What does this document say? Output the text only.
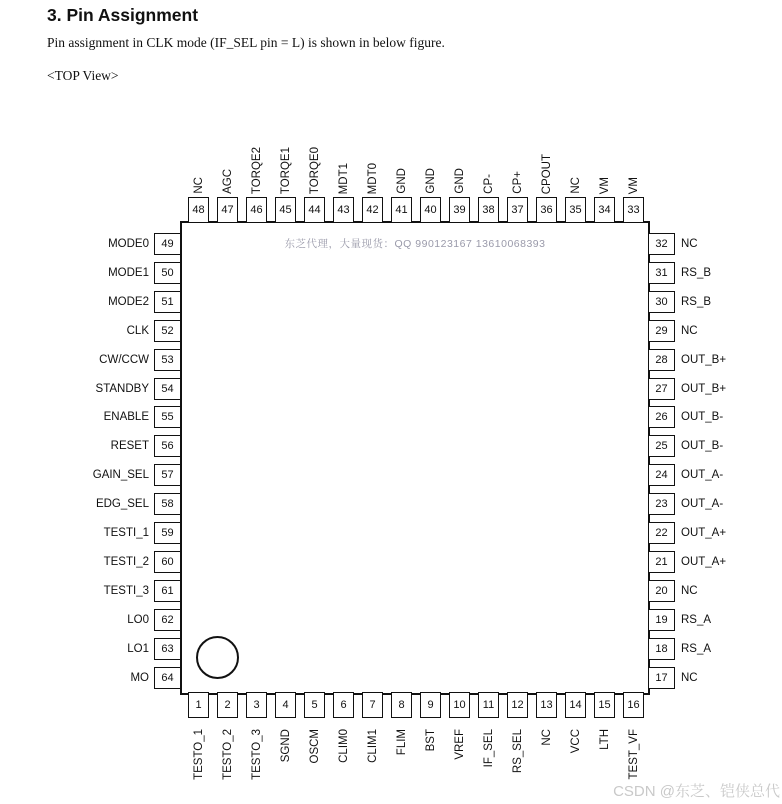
3. Pin Assignment
Pin assignment in CLK mode (IF_SEL pin = L) is shown in below figure.
<TOP View>
东芝代理，大量现货：QQ 990123167 13610068393
48
NC
47
AGC
46
TORQE2
45
TORQE1
44
TORQE0
43
MDT1
42
MDT0
41
GND
40
GND
39
GND
38
CP-
37
CP+
36
CPOUT
35
NC
34
VM
33
VM
1
TESTO_1
2
TESTO_2
3
TESTO_3
4
SGND
5
OSCM
6
CLIM0
7
CLIM1
8
FLIM
9
BST
10
VREF
11
IF_SEL
12
RS_SEL
13
NC
14
VCC
15
LTH
16
TEST_VF
49
MODE0
50
MODE1
51
MODE2
52
CLK
53
CW/CCW
54
STANDBY
55
ENABLE
56
RESET
57
GAIN_SEL
58
EDG_SEL
59
TESTI_1
60
TESTI_2
61
TESTI_3
62
LO0
63
LO1
64
MO
32	NC
31	RS_B
30	RS_B
29	NC
28	OUT_B+
27	OUT_B+
26	OUT_B-
25	OUT_B-
24	OUT_A-
23	OUT_A-
22	OUT_A+
21	OUT_A+
20	NC
19	RS_A
18	RS_A
17	NC
CSDN @东芝、铠侠总代
